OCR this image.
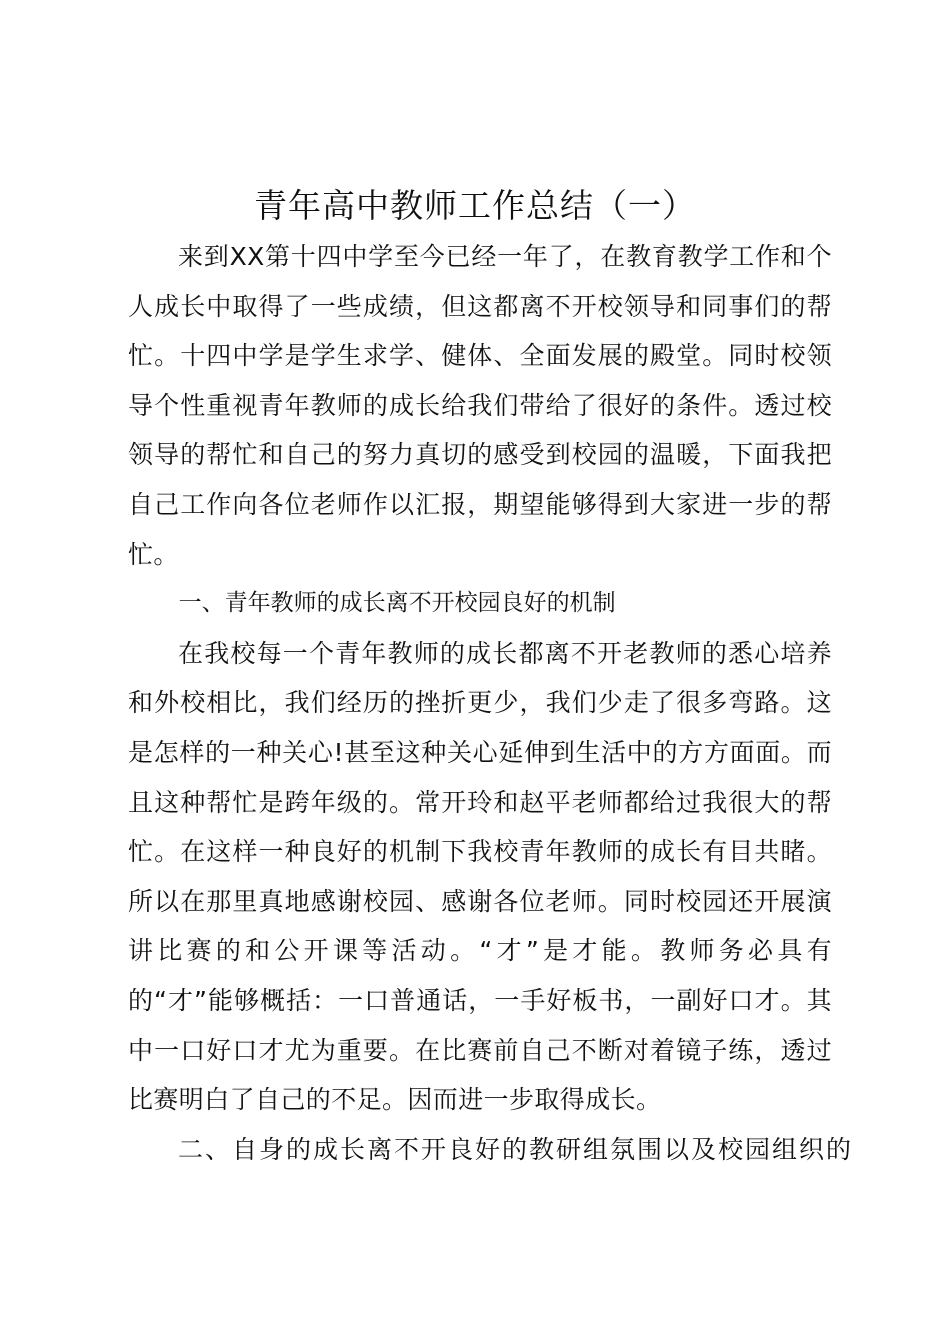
青年高中教师工作总结（一）

来到XX第十四中学至今已经一年了，在教育教学工作和个人成长中取得了一些成绩，但这都离不开校领导和同事们的帮忙。十四中学是学生求学、健体、全面发展的殿堂。同时校领导个性重视青年教师的成长给我们带给了很好的条件。透过校领导的帮忙和自己的努力真切的感受到校园的温暖，下面我把自己工作向各位老师作以汇报，期望能够得到大家进一步的帮忙。

一、青年教师的成长离不开校园良好的机制

在我校每一个青年教师的成长都离不开老教师的悉心培养和外校相比，我们经历的挫折更少，我们少走了很多弯路。这是怎样的一种关心!甚至这种关心延伸到生活中的方方面面。而且这种帮忙是跨年级的。常开玲和赵平老师都给过我很大的帮忙。在这样一种良好的机制下我校青年教师的成长有目共睹。所以在那里真地感谢校园、感谢各位老师。同时校园还开展演讲比赛的和公开课等活动。“才”是才能。教师务必具有的“才”能够概括：一口普通话，一手好板书，一副好口才。其中一口好口才尤为重要。在比赛前自己不断对着镜子练，透过比赛明白了自己的不足。因而进一步取得成长。

二、自身的成长离不开良好的教研组氛围以及校园组织的
